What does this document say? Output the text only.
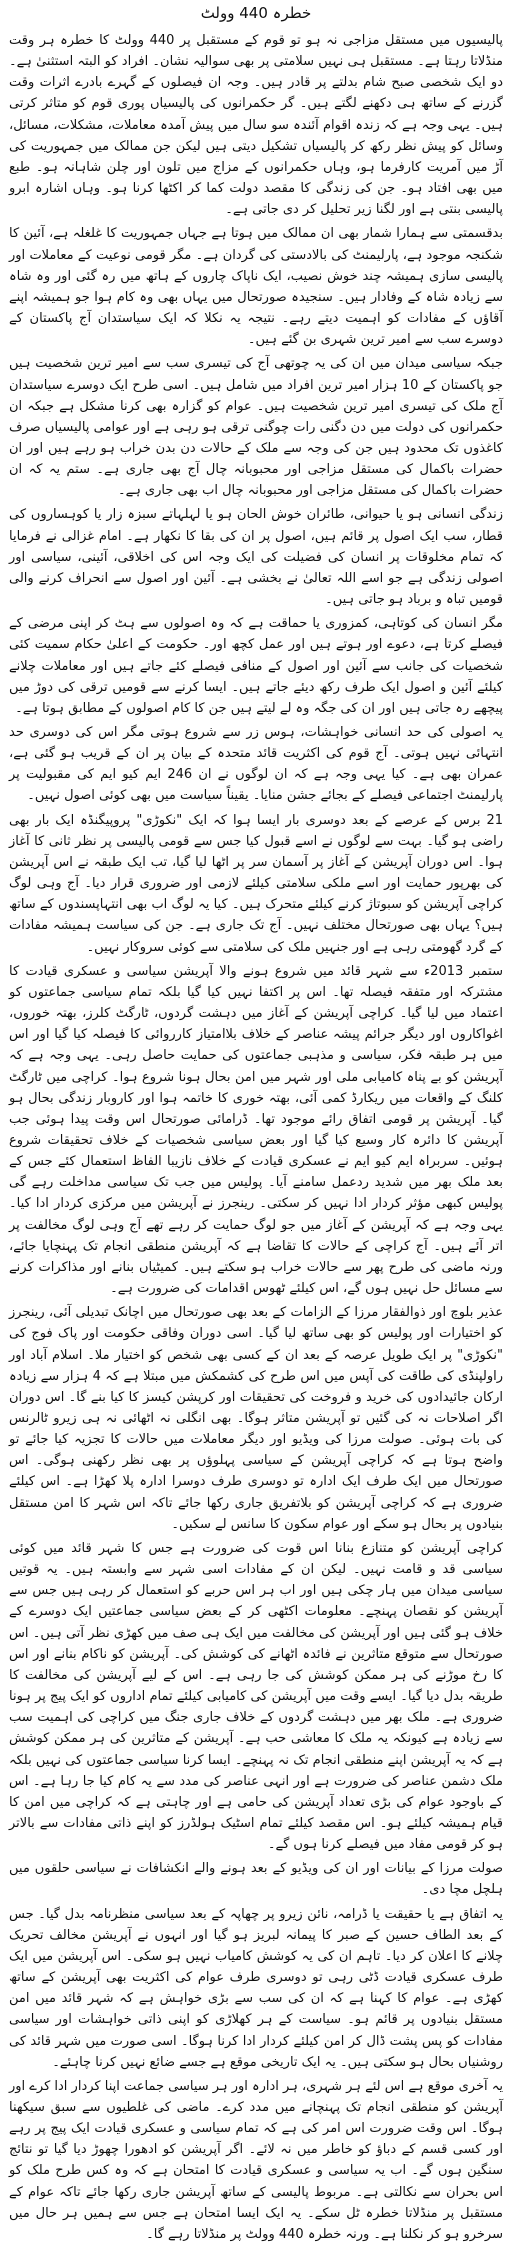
خطرہ 440 وولٹ

پالیسیوں میں مستقل مزاجی نہ ہو تو قوم کے مستقبل پر 440 وولٹ کا خطرہ ہر وقت منڈلاتا رہتا ہے۔ مستقبل ہی نہیں سلامتی پر بھی سوالیہ نشان۔ افراد کو البتہ استثنیٰ ہے۔ دو ایک شخصی صبح شام بدلتے پر قادر ہیں۔ وجہ ان فیصلوں کے گہرے بادرے اثرات وقت گزرنے کے ساتھ ہی دکھنے لگتے ہیں۔ گر حکمرانوں کی پالیسیاں پوری قوم کو متاثر کرتی ہیں۔ یہی وجہ ہے کہ زندہ اقوام آئندہ سو سال میں پیش آمدہ معاملات، مشکلات، مسائل، وسائل کو پیش نظر رکھ کر پالیسیاں تشکیل دیتی ہیں لیکن جن ممالک میں جمہوریت کی آڑ میں آمریت کارفرما ہو، وہاں حکمرانوں کے مزاج میں تلون اور چلن شاہانہ ہو۔ طبع میں بھی افتاد ہو۔ جن کی زندگی کا مقصد دولت کما کر اکٹھا کرنا ہو۔ وہاں اشارہ ابرو پالیسی بنتی ہے اور لگنا زیر تحلیل کر دی جاتی ہے۔

بدقسمتی سے ہمارا شمار بھی ان ممالک میں ہوتا ہے جہاں جمہوریت کا غلغلہ ہے، آئین کا شکنجہ موجود ہے، پارلیمنٹ کی بالادستی کی گردان ہے۔ مگر قومی نوعیت کے معاملات اور پالیسی سازی ہمیشہ چند خوش نصیب، ایک ناپاک چاروں کے ہاتھ میں رہ گئی اور وہ شاہ سے زیادہ شاہ کے وفادار ہیں۔ سنجیدہ صورتحال میں یہاں بھی وہ کام ہوا جو ہمیشہ اپنے آقاؤں کے مفادات کو اہمیت دیتے رہے۔ نتیجہ یہ نکلا کہ ایک سیاستدان آج پاکستان کے دوسرے سب سے امیر ترین شہری بن گئے ہیں۔

جبکہ سیاسی میدان میں ان کی یہ چوتھی آج کی تیسری سب سے امیر ترین شخصیت ہیں جو پاکستان کے 10 ہزار امیر ترین افراد میں شامل ہیں۔ اسی طرح ایک دوسرے سیاستدان آج ملک کی تیسری امیر ترین شخصیت ہیں۔ عوام کو گزارہ بھی کرنا مشکل ہے جبکہ ان حکمرانوں کی دولت میں دن دگنی رات چوگنی ترقی ہو رہی ہے اور عوامی پالیسیاں صرف کاغذوں تک محدود ہیں جن کی وجہ سے ملک کے حالات دن بدن خراب ہو رہے ہیں اور ان حضرات باکمال کی مستقل مزاجی اور محبوبانہ چال آج بھی جاری ہے۔ ستم یہ کہ ان حضرات باکمال کی مستقل مزاجی اور محبوبانہ چال اب بھی جاری ہے۔

زندگی انسانی ہو یا حیوانی، طائران خوش الحان ہو یا لہلہاتے سبزہ زار یا کوہساروں کی قطار، سب ایک اصول پر قائم ہیں، اصول پر ان کی بقا کا نکھار ہے۔ امام غزالی نے فرمایا کہ تمام مخلوقات پر انسان کی فضیلت کی ایک وجہ اس کی اخلاقی، آئینی، سیاسی اور اصولی زندگی ہے جو اسے اللہ تعالیٰ نے بخشی ہے۔ آئین اور اصول سے انحراف کرنے والی قومیں تباہ و برباد ہو جاتی ہیں۔

مگر انسان کی کوتاہی، کمزوری یا حماقت ہے کہ وہ اصولوں سے ہٹ کر اپنی مرضی کے فیصلے کرتا ہے، دعوے اور ہوتے ہیں اور عمل کچھ اور۔ حکومت کے اعلیٰ حکام سمیت کئی شخصیات کی جانب سے آئین اور اصول کے منافی فیصلے کئے جاتے ہیں اور معاملات چلانے کیلئے آئین و اصول ایک طرف رکھ دیئے جاتے ہیں۔ ایسا کرنے سے قومیں ترقی کی دوڑ میں پیچھے رہ جاتی ہیں اور ان کی جگہ وہ لے لیتے ہیں جن کا کام اصولوں کے مطابق ہوتا ہے۔

یہ اصولی کی حد انسانی خواہشات، ہوس زر سے شروع ہوتی مگر اس کی دوسری حد انتہائی نہیں ہوتی۔ آج قوم کی اکثریت قائد متحدہ کے بیان پر ان کے قریب ہو گئی ہے، عمران بھی ہے۔ کیا یہی وجہ ہے کہ ان لوگوں نے ان 246 ایم کیو ایم کی مقبولیت پر پارلیمنٹ اجتماعی فیصلے کے بجائے جشن منایا۔ یقیناً سیاست میں بھی کوئی اصول نہیں۔

21 برس کے عرصے کے بعد دوسری بار ایسا ہوا کہ ایک "نکوڑی" پروپیگنڈہ ایک بار بھی راضی ہو گیا۔ بہت سے لوگوں نے اسے قبول کیا جس سے قومی پالیسی پر نظر ثانی کا آغاز ہوا۔ اس دوران آپریشن کے آغاز پر آسمان سر پر اٹھا لیا گیا، تب ایک طبقہ نے اس آپریشن کی بھرپور حمایت اور اسے ملکی سلامتی کیلئے لازمی اور ضروری قرار دیا۔ آج وہی لوگ کراچی آپریشن کو سبوتاژ کرنے کیلئے متحرک ہیں۔ کیا یہ لوگ اب بھی انتہاپسندوں کے ساتھ ہیں؟ یہاں بھی صورتحال مختلف نہیں۔ آج تک جاری ہے۔ جن کی سیاست ہمیشہ مفادات کے گرد گھومتی رہی ہے اور جنہیں ملک کی سلامتی سے کوئی سروکار نہیں۔

ستمبر 2013ء سے شہر قائد میں شروع ہونے والا آپریشن سیاسی و عسکری قیادت کا مشترکہ اور متفقہ فیصلہ تھا۔ اس پر اکتفا نہیں کیا گیا بلکہ تمام سیاسی جماعتوں کو اعتماد میں لیا گیا۔ کراچی آپریشن کے آغاز میں دہشت گردوں، ٹارگٹ کلرز، بھتہ خوروں، اغواکاروں اور دیگر جرائم پیشہ عناصر کے خلاف بلاامتیاز کارروائی کا فیصلہ کیا گیا اور اس میں ہر طبقہ فکر، سیاسی و مذہبی جماعتوں کی حمایت حاصل رہی۔ یہی وجہ ہے کہ آپریشن کو بے پناہ کامیابی ملی اور شہر میں امن بحال ہونا شروع ہوا۔ کراچی میں ٹارگٹ کلنگ کے واقعات میں ریکارڈ کمی آئی، بھتہ خوری کا خاتمہ ہوا اور کاروبار زندگی بحال ہو گیا۔ آپریشن پر قومی اتفاق رائے موجود تھا۔ ڈرامائی صورتحال اس وقت پیدا ہوئی جب آپریشن کا دائرہ کار وسیع کیا گیا اور بعض سیاسی شخصیات کے خلاف تحقیقات شروع ہوئیں۔ سربراہ ایم کیو ایم نے عسکری قیادت کے خلاف نازیبا الفاظ استعمال کئے جس کے بعد ملک بھر میں شدید ردعمل سامنے آیا۔ پولیس میں جب تک سیاسی مداخلت رہے گی پولیس کبھی مؤثر کردار ادا نہیں کر سکتی۔ رینجرز نے آپریشن میں مرکزی کردار ادا کیا۔ یہی وجہ ہے کہ آپریشن کے آغاز میں جو لوگ حمایت کر رہے تھے آج وہی لوگ مخالفت پر اتر آئے ہیں۔ آج کراچی کے حالات کا تقاضا ہے کہ آپریشن منطقی انجام تک پہنچایا جائے، ورنہ ماضی کی طرح پھر سے حالات خراب ہو سکتے ہیں۔ کمیٹیاں بنانے اور مذاکرات کرنے سے مسائل حل نہیں ہوں گے، اس کیلئے ٹھوس اقدامات کی ضرورت ہے۔

عذیر بلوچ اور ذوالفقار مرزا کے الزامات کے بعد بھی صورتحال میں اچانک تبدیلی آئی، رینجرز کو اختیارات اور پولیس کو بھی ساتھ لیا گیا۔ اسی دوران وفاقی حکومت اور پاک فوج کی "نکوڑی" پر ایک طویل عرصہ کے بعد ان کے کسی بھی شخص کو اختیار ملا۔ اسلام آباد اور راولپنڈی کی طاقت کی آپس میں اس طرح کی کشمکش میں مبتلا ہے کہ 4 ہزار سے زیادہ ارکان جائیدادوں کی خرید و فروخت کی تحقیقات اور کرپشن کیسز کا کیا بنے گا۔ اس دوران اگر اصلاحات نہ کی گئیں تو آپریشن متاثر ہوگا۔ بھی انگلی نہ اٹھائی نہ ہی زیرو ٹالرنس کی بات ہوئی۔ صولت مرزا کی ویڈیو اور دیگر معاملات میں حالات کا تجزیہ کیا جائے تو واضح ہوتا ہے کہ کراچی آپریشن کے سیاسی پہلوؤں پر بھی نظر رکھنی ہوگی۔ اس صورتحال میں ایک طرف ایک ادارہ تو دوسری طرف دوسرا ادارہ پلا کھڑا ہے۔ اس کیلئے ضروری ہے کہ کراچی آپریشن کو بلاتفریق جاری رکھا جائے تاکہ اس شہر کا امن مستقل بنیادوں پر بحال ہو سکے اور عوام سکون کا سانس لے سکیں۔

کراچی آپریشن کو متنازع بنانا اس قوت کی ضرورت ہے جس کا شہر قائد میں کوئی سیاسی قد و قامت نہیں۔ لیکن ان کے مفادات اسی شہر سے وابستہ ہیں۔ یہ قوتیں سیاسی میدان میں ہار چکی ہیں اور اب ہر اس حربے کو استعمال کر رہی ہیں جس سے آپریشن کو نقصان پہنچے۔ معلومات اکٹھی کر کے بعض سیاسی جماعتیں ایک دوسرے کے خلاف ہو گئی ہیں اور آپریشن کی مخالفت میں ایک ہی صف میں کھڑی نظر آتی ہیں۔ اس صورتحال سے متوقع متاثرین نے فائدہ اٹھانے کی کوشش کی۔ آپریشن کو ناکام بنانے اور اس کا رخ موڑنے کی ہر ممکن کوشش کی جا رہی ہے۔ اس کے لیے آپریشن کی مخالفت کا طریقہ بدل دیا گیا۔ ایسے وقت میں آپریشن کی کامیابی کیلئے تمام اداروں کو ایک پیج پر ہونا ضروری ہے۔ ملک بھر میں دہشت گردوں کے خلاف جاری جنگ میں کراچی کی اہمیت سب سے زیادہ ہے کیونکہ یہ ملک کا معاشی حب ہے۔ آپریشن کے متاثرین کی ہر ممکن کوشش ہے کہ یہ آپریشن اپنے منطقی انجام تک نہ پہنچے۔ ایسا کرنا سیاسی جماعتوں کی نہیں بلکہ ملک دشمن عناصر کی ضرورت ہے اور انہی عناصر کی مدد سے یہ کام کیا جا رہا ہے۔ اس کے باوجود عوام کی بڑی تعداد آپریشن کی حامی ہے اور چاہتی ہے کہ کراچی میں امن کا قیام ہمیشہ کیلئے ہو۔ اس مقصد کیلئے تمام اسٹیک ہولڈرز کو اپنے ذاتی مفادات سے بالاتر ہو کر قومی مفاد میں فیصلے کرنا ہوں گے۔

صولت مرزا کے بیانات اور ان کی ویڈیو کے بعد ہونے والے انکشافات نے سیاسی حلقوں میں ہلچل مچا دی۔

یہ اتفاق ہے یا حقیقت یا ڈرامہ، نائن زیرو پر چھاپہ کے بعد سیاسی منظرنامہ بدل گیا۔ جس کے بعد الطاف حسین کے صبر کا پیمانہ لبریز ہو گیا اور انہوں نے آپریشن مخالف تحریک چلانے کا اعلان کر دیا۔ تاہم ان کی یہ کوشش کامیاب نہیں ہو سکی۔ اس آپریشن میں ایک طرف عسکری قیادت ڈٹی رہی تو دوسری طرف عوام کی اکثریت بھی آپریشن کے ساتھ کھڑی ہے۔ عوام کا کہنا ہے کہ ان کی سب سے بڑی خواہش ہے کہ شہر قائد میں امن مستقل بنیادوں پر قائم ہو۔ سیاست کے ہر کھلاڑی کو اپنی ذاتی خواہشات اور سیاسی مفادات کو پس پشت ڈال کر امن کیلئے کردار ادا کرنا ہوگا۔ اسی صورت میں شہر قائد کی روشنیاں بحال ہو سکتی ہیں۔ یہ ایک تاریخی موقع ہے جسے ضائع نہیں کرنا چاہئے۔

یہ آخری موقع ہے اس لئے ہر شہری، ہر ادارہ اور ہر سیاسی جماعت اپنا کردار ادا کرے اور آپریشن کو منطقی انجام تک پہنچانے میں مدد کرے۔ ماضی کی غلطیوں سے سبق سیکھنا ہوگا۔ اس وقت ضرورت اس امر کی ہے کہ تمام سیاسی و عسکری قیادت ایک پیج پر رہے اور کسی قسم کے دباؤ کو خاطر میں نہ لائے۔ اگر آپریشن کو ادھورا چھوڑ دیا گیا تو نتائج سنگین ہوں گے۔ اب یہ سیاسی و عسکری قیادت کا امتحان ہے کہ وہ کس طرح ملک کو اس بحران سے نکالتی ہے۔ مربوط پالیسی کے ساتھ آپریشن جاری رکھا جائے تاکہ عوام کے مستقبل پر منڈلاتا خطرہ ٹل سکے۔ یہ ایک ایسا امتحان ہے جس سے ہمیں ہر حال میں سرخرو ہو کر نکلنا ہے۔ ورنہ خطرہ 440 وولٹ پر منڈلاتا رہے گا۔
